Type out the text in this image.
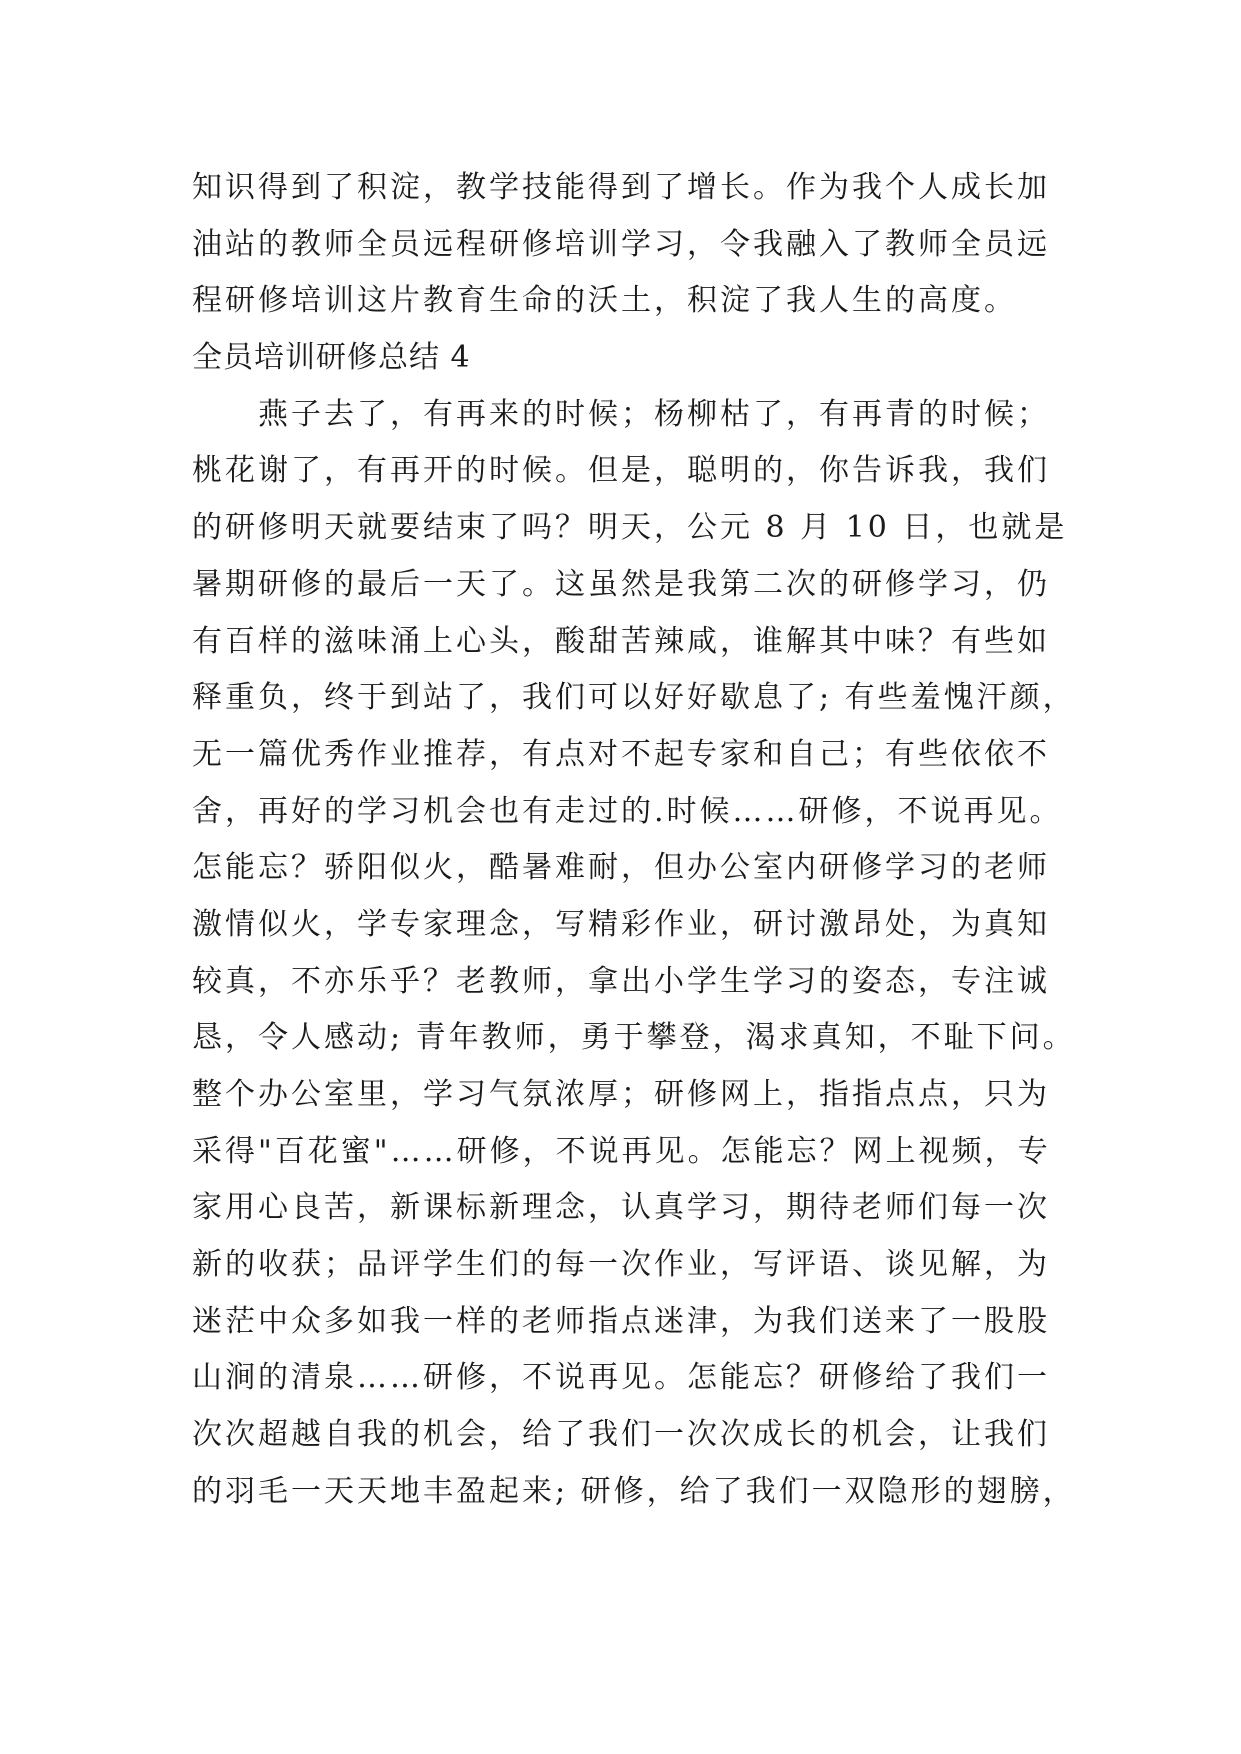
知识得到了积淀，教学技能得到了增长。作为我个人成长加
油站的教师全员远程研修培训学习，令我融入了教师全员远
程研修培训这片教育生命的沃土，积淀了我人生的高度。
全员培训研修总结 4
燕子去了，有再来的时候；杨柳枯了，有再青的时候；
桃花谢了，有再开的时候。但是，聪明的，你告诉我，我们
的研修明天就要结束了吗？明天，公元 8 月 10 日，也就是
暑期研修的最后一天了。这虽然是我第二次的研修学习，仍
有百样的滋味涌上心头，酸甜苦辣咸，谁解其中味？有些如
释重负，终于到站了，我们可以好好歇息了; 有些羞愧汗颜，
无一篇优秀作业推荐，有点对不起专家和自己；有些依依不
舍，再好的学习机会也有走过的.时候……研修，不说再见。
怎能忘？骄阳似火，酷暑难耐，但办公室内研修学习的老师
激情似火，学专家理念，写精彩作业，研讨激昂处，为真知
较真，不亦乐乎？老教师，拿出小学生学习的姿态，专注诚
恳，令人感动; 青年教师，勇于攀登，渴求真知，不耻下问。
整个办公室里，学习气氛浓厚；研修网上，指指点点，只为
采得"百花蜜"……研修，不说再见。怎能忘？网上视频，专
家用心良苦，新课标新理念，认真学习，期待老师们每一次
新的收获；品评学生们的每一次作业，写评语、谈见解，为
迷茫中众多如我一样的老师指点迷津，为我们送来了一股股
山涧的清泉……研修，不说再见。怎能忘？研修给了我们一
次次超越自我的机会，给了我们一次次成长的机会，让我们
的羽毛一天天地丰盈起来; 研修，给了我们一双隐形的翅膀，
